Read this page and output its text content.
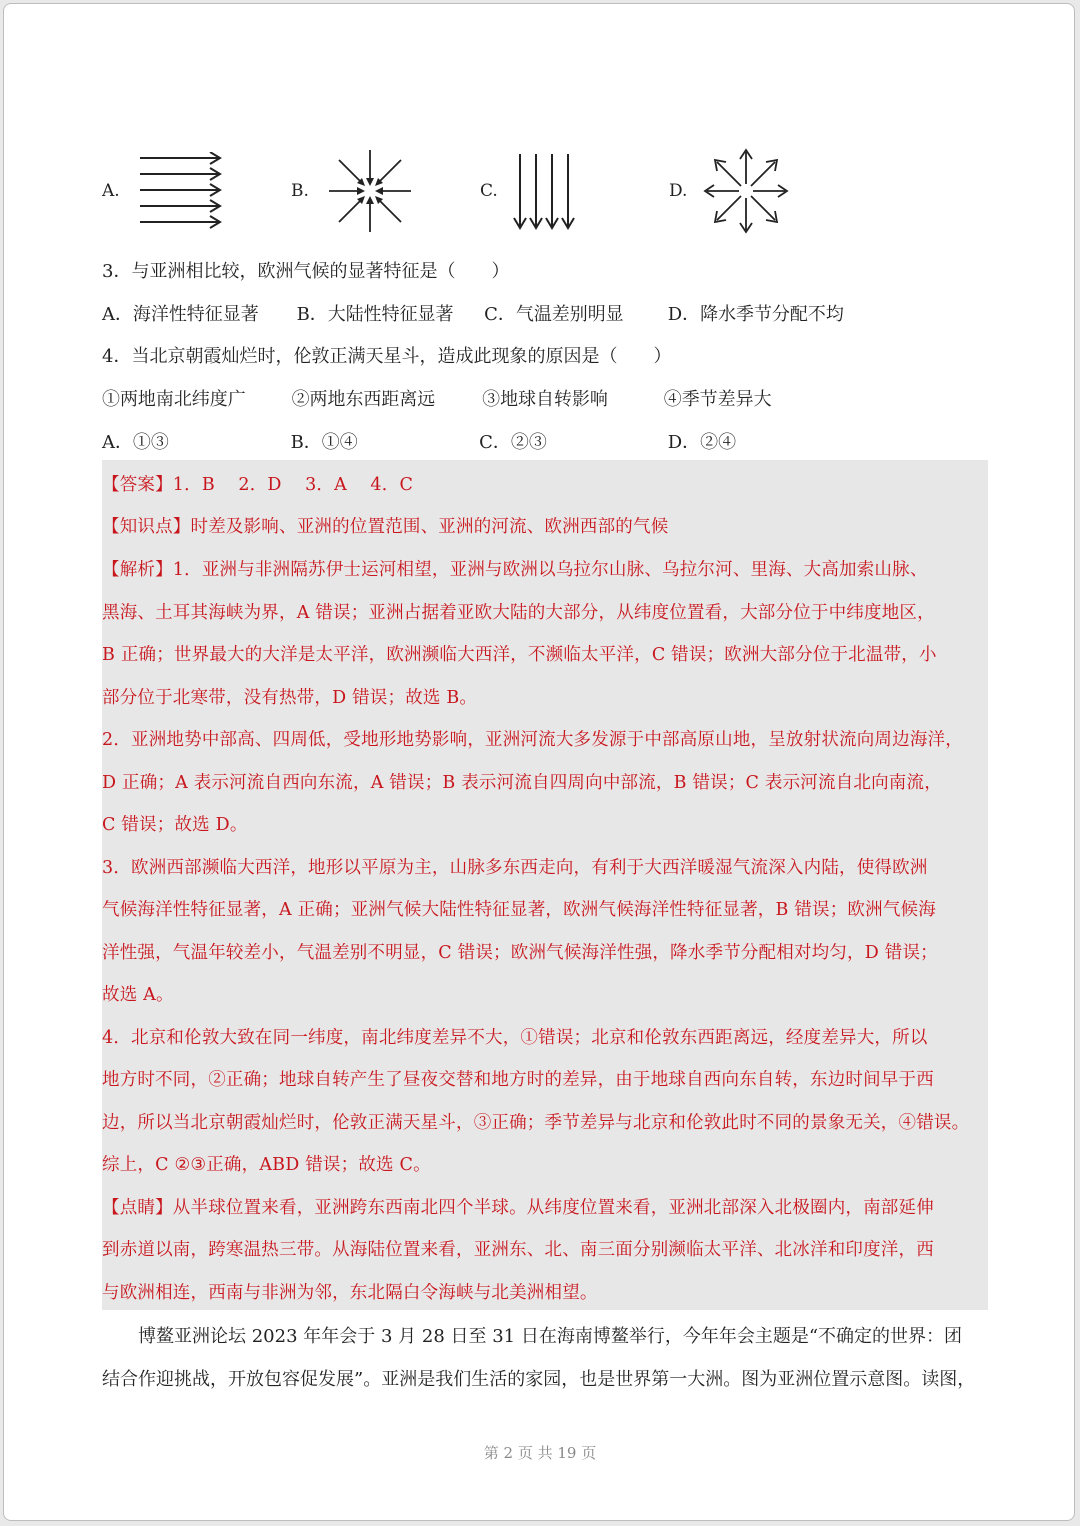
A.	B.	C.	D.
3．与亚洲相比较，欧洲气候的显著特征是（　　）
A．海洋性特征显著 B．大陆性特征显著 C．气温差别明显 D．降水季节分配不均
4．当北京朝霞灿烂时，伦敦正满天星斗，造成此现象的原因是（　　）
①两地南北纬度广	②两地东西距离远	③地球自转影响	④季节差异大
A．①③	B．①④	C．②③	D．②④
【答案】1．B　 2．D　 3．A　 4．C
【知识点】时差及影响、亚洲的位置范围、亚洲的河流、欧洲西部的气候
【解析】1．亚洲与非洲隔苏伊士运河相望，亚洲与欧洲以乌拉尔山脉、乌拉尔河、里海、大高加索山脉、
黑海、土耳其海峡为界，A 错误；亚洲占据着亚欧大陆的大部分，从纬度位置看，大部分位于中纬度地区，
B 正确；世界最大的大洋是太平洋，欧洲濒临大西洋，不濒临太平洋，C 错误；欧洲大部分位于北温带，小
部分位于北寒带，没有热带，D 错误；故选 B。
2．亚洲地势中部高、四周低，受地形地势影响，亚洲河流大多发源于中部高原山地，呈放射状流向周边海洋，
D 正确；A 表示河流自西向东流，A 错误；B 表示河流自四周向中部流，B 错误；C 表示河流自北向南流，
C 错误；故选 D。
3．欧洲西部濒临大西洋，地形以平原为主，山脉多东西走向，有利于大西洋暖湿气流深入内陆，使得欧洲
气候海洋性特征显著，A 正确；亚洲气候大陆性特征显著，欧洲气候海洋性特征显著，B 错误；欧洲气候海
洋性强，气温年较差小，气温差别不明显，C 错误；欧洲气候海洋性强，降水季节分配相对均匀，D 错误；
故选 A。
4．北京和伦敦大致在同一纬度，南北纬度差异不大，①错误；北京和伦敦东西距离远，经度差异大，所以
地方时不同，②正确；地球自转产生了昼夜交替和地方时的差异，由于地球自西向东自转，东边时间早于西
边，所以当北京朝霞灿烂时，伦敦正满天星斗，③正确；季节差异与北京和伦敦此时不同的景象无关，④错误。
综上，C ②③正确，ABD 错误；故选 C。
【点睛】从半球位置来看，亚洲跨东西南北四个半球。从纬度位置来看，亚洲北部深入北极圈内，南部延伸
到赤道以南，跨寒温热三带。从海陆位置来看，亚洲东、北、南三面分别濒临太平洋、北冰洋和印度洋，西
与欧洲相连，西南与非洲为邻，东北隔白令海峡与北美洲相望。
　　博鳌亚洲论坛 2023 年年会于 3 月 28 日至 31 日在海南博鳌举行，今年年会主题是“不确定的世界：团
结合作迎挑战，开放包容促发展”。亚洲是我们生活的家园，也是世界第一大洲。图为亚洲位置示意图。读图，
第 2 页 共 19 页
